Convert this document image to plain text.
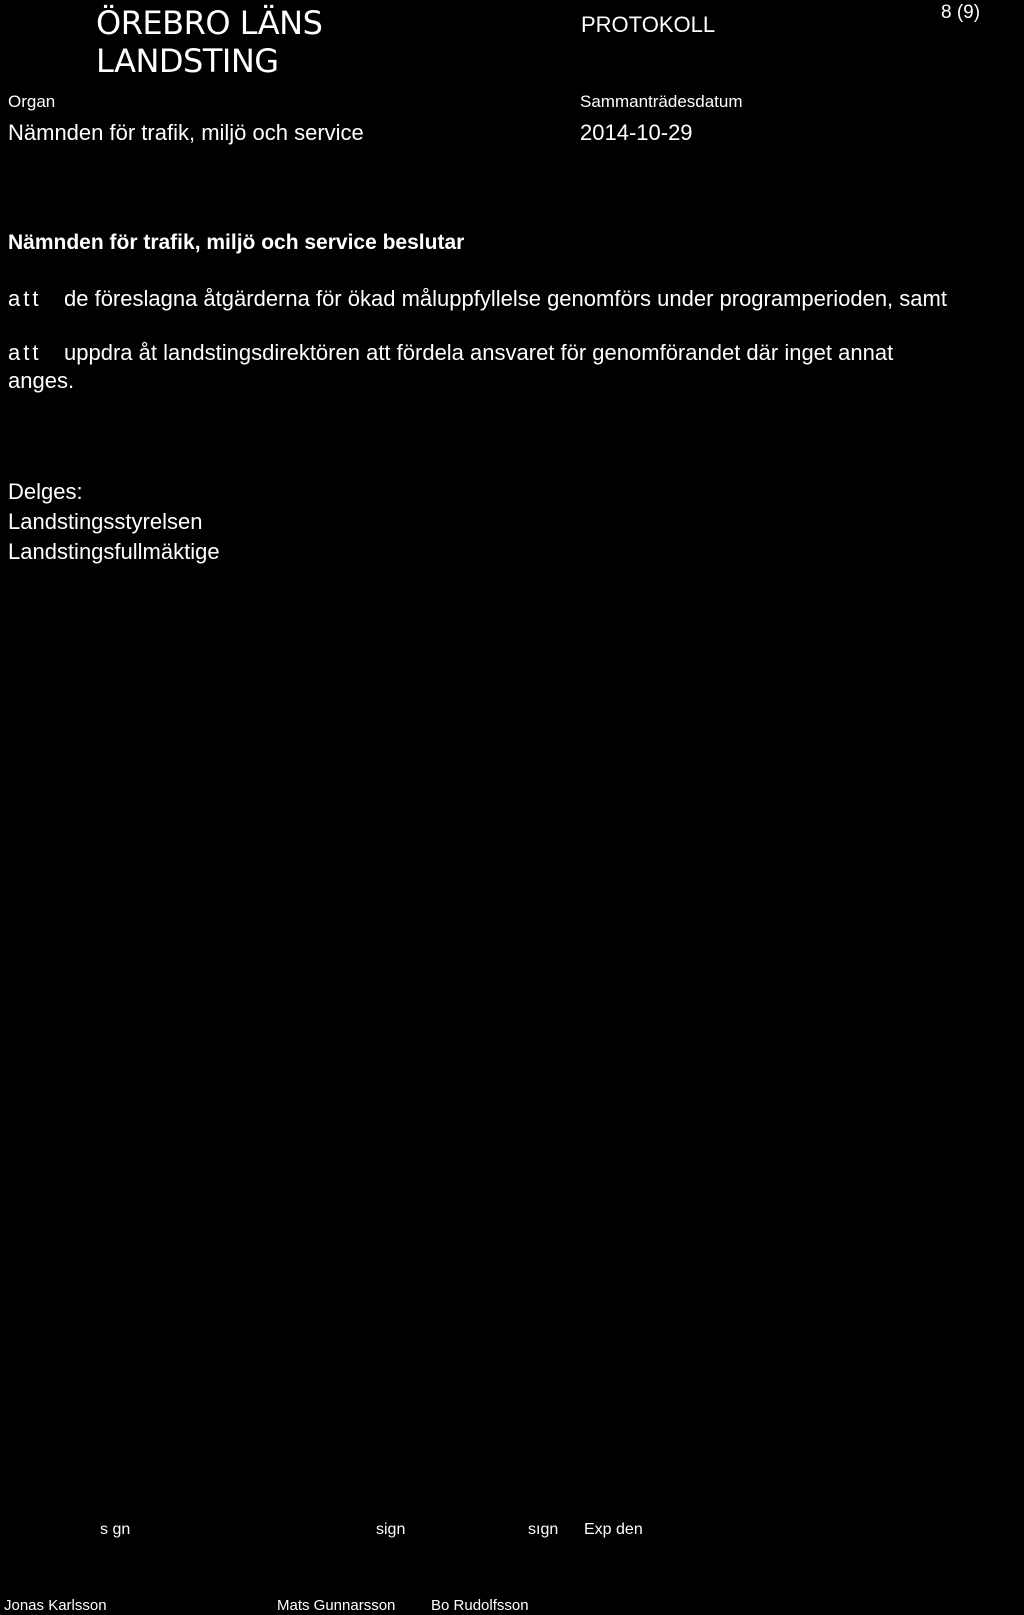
ÖREBRO LÄNS
LANDSTING
PROTOKOLL	8 (9)
Organ
Nämnden för trafik, miljö och service
Sammanträdesdatum
2014-10-29
Nämnden för trafik, miljö och service beslutar
att de föreslagna åtgärderna för ökad måluppfyllelse genomförs under programperioden, samt
att uppdra åt landstingsdirektören att fördela ansvaret för genomförandet där inget annat
anges.
Delges:
Landstingsstyrelsen
Landstingsfullmäktige
s gn	sign	sıgn Exp den
Jonas Karlsson	Mats Gunnarsson Bo Rudolfsson
